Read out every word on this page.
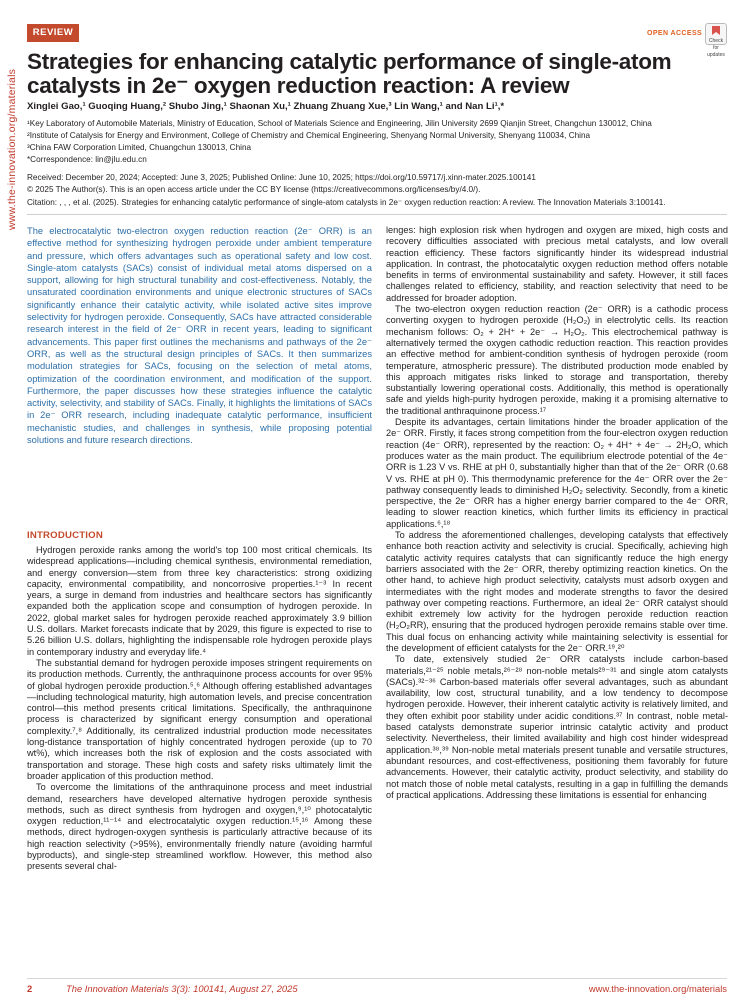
www.the-innovation.org/materials
REVIEW	OPEN ACCESS
Check for updates
Strategies for enhancing catalytic performance of single-atom catalysts in 2e⁻ oxygen reduction reaction: A review
Xinglei Gao,¹ Guoqing Huang,² Shubo Jing,¹ Shaonan Xu,¹ Zhuang Zhuang Xue,³ Lin Wang,¹ and Nan Li¹,*
¹Key Laboratory of Automobile Materials, Ministry of Education, School of Materials Science and Engineering, Jilin University 2699 Qianjin Street, Changchun 130012, China
²Institute of Catalysis for Energy and Environment, College of Chemistry and Chemical Engineering, Shenyang Normal University, Shenyang 110034, China
³China FAW Corporation Limited, Chuangchun 130013, China
*Correspondence: lin@jlu.edu.cn
Received: December 20, 2024; Accepted: June 3, 2025; Published Online: June 10, 2025; https://doi.org/10.59717/j.xinn-mater.2025.100141
© 2025 The Author(s). This is an open access article under the CC BY license (https://creativecommons.org/licenses/by/4.0/).
Citation: , , , et al. (2025). Strategies for enhancing catalytic performance of single-atom catalysts in 2e⁻ oxygen reduction reaction: A review. The Innovation Materials 3:100141.
The electrocatalytic two-electron oxygen reduction reaction (2e⁻ ORR) is an effective method for synthesizing hydrogen peroxide under ambient temperature and pressure, which offers advantages such as operational safety and low cost. Single-atom catalysts (SACs) consist of individual metal atoms dispersed on a support, allowing for high structural tunability and cost-effectiveness. Notably, the unsaturated coordination environments and unique electronic structures of SACs significantly enhance their catalytic activity, while isolated active sites improve selectivity for hydrogen peroxide. Consequently, SACs have attracted considerable research interest in the field of 2e⁻ ORR in recent years, leading to significant advancements. This paper first outlines the mechanisms and pathways of the 2e⁻ ORR, as well as the structural design principles of SACs. It then summarizes modulation strategies for SACs, focusing on the selection of metal atoms, optimization of the coordination environment, and modification of the support. Furthermore, the paper discusses how these strategies influence the catalytic activity, selectivity, and stability of SACs. Finally, it highlights the limitations of SACs in 2e⁻ ORR research, including inadequate catalytic performance, insufficient mechanistic studies, and challenges in synthesis, while proposing potential solutions and future research directions.
INTRODUCTION

Hydrogen peroxide ranks among the world's top 100 most critical chemicals. Its widespread applications—including chemical synthesis, environmental remediation, and energy conversion—stem from three key characteristics: strong oxidizing capacity, environmental compatibility, and noncorrosive properties.¹⁻³ In recent years, a surge in demand from industries and healthcare sectors has significantly expanded both the application scope and consumption of hydrogen peroxide. In 2022, global market sales for hydrogen peroxide reached approximately 3.9 billion U.S. dollars. Market forecasts indicate that by 2029, this figure is expected to rise to 5.26 billion U.S. dollars, highlighting the indispensable role hydrogen peroxide plays in contemporary industry and everyday life.⁴

The substantial demand for hydrogen peroxide imposes stringent requirements on its production methods. Currently, the anthraquinone process accounts for over 95% of global hydrogen peroxide production.⁵,⁶ Although offering established advantages—including technological maturity, high automation levels, and precise concentration control—this method presents critical limitations. Specifically, the anthraquinone process is characterized by significant energy consumption and operational complexity.⁷,⁸ Additionally, its centralized industrial production mode necessitates long-distance transportation of highly concentrated hydrogen peroxide (up to 70 wt%), which increases both the risk of explosion and the costs associated with transportation and storage. These high costs and safety risks ultimately limit the broader application of this production method.

To overcome the limitations of the anthraquinone process and meet industrial demand, researchers have developed alternative hydrogen peroxide synthesis methods, such as direct synthesis from hydrogen and oxygen,⁹,¹⁰ photocatalytic oxygen reduction,¹¹⁻¹⁴ and electrocatalytic oxygen reduction.¹⁵,¹⁶ Among these methods, direct hydrogen-oxygen synthesis is particularly attractive because of its high reaction selectivity (>95%), environmentally friendly nature (avoiding harmful byproducts), and single-step streamlined workflow. However, this method also presents several chal-

lenges: high explosion risk when hydrogen and oxygen are mixed, high costs and recovery difficulties associated with precious metal catalysts, and low overall reaction efficiency. These factors significantly hinder its widespread industrial application. In contrast, the photocatalytic oxygen reduction method offers notable benefits in terms of environmental sustainability and safety. However, it still faces challenges related to efficiency, stability, and reaction selectivity that need to be addressed for broader adoption.

The two-electron oxygen reduction reaction (2e⁻ ORR) is a cathodic process converting oxygen to hydrogen peroxide (H₂O₂) in electrolytic cells. Its reaction mechanism follows: O₂ + 2H⁺ + 2e⁻ → H₂O₂. This electrochemical pathway is alternatively termed the oxygen cathodic reduction reaction. This reaction provides an effective method for ambient-condition synthesis of hydrogen peroxide (room temperature, atmospheric pressure). The distributed production mode enabled by this approach mitigates risks linked to storage and transportation, thereby substantially lowering operational costs. Additionally, this method is operationally safe and yields high-purity hydrogen peroxide, making it a promising alternative to the traditional anthraquinone process.¹⁷

Despite its advantages, certain limitations hinder the broader application of the 2e⁻ ORR. Firstly, it faces strong competition from the four-electron oxygen reduction reaction (4e⁻ ORR), represented by the reaction: O₂ + 4H⁺ + 4e⁻ → 2H₂O, which produces water as the main product. The equilibrium electrode potential of the 4e⁻ ORR is 1.23 V vs. RHE at pH 0, substantially higher than that of the 2e⁻ ORR (0.68 V vs. RHE at pH 0). This thermodynamic preference for the 4e⁻ ORR over the 2e⁻ pathway consequently leads to diminished H₂O₂ selectivity. Secondly, from a kinetic perspective, the 2e⁻ ORR has a higher energy barrier compared to the 4e⁻ ORR, leading to slower reaction kinetics, which further limits its efficiency in practical applications.⁶,¹⁸

To address the aforementioned challenges, developing catalysts that effectively enhance both reaction activity and selectivity is crucial. Specifically, achieving high catalytic activity requires catalysts that can significantly reduce the high energy barriers associated with the 2e⁻ ORR, thereby optimizing reaction kinetics. On the other hand, to achieve high product selectivity, catalysts must adsorb oxygen and intermediates with the right modes and moderate strengths to favor the desired pathway over competing reactions. Furthermore, an ideal 2e⁻ ORR catalyst should exhibit extremely low activity for the hydrogen peroxide reduction reaction (H₂O₂RR), ensuring that the produced hydrogen peroxide remains stable over time. This dual focus on enhancing activity while maintaining selectivity is essential for the development of efficient catalysts for the 2e⁻ ORR.¹⁹,²⁰

To date, extensively studied 2e⁻ ORR catalysts include carbon-based materials,²¹⁻²⁵ noble metals,²⁶⁻²⁸ non-noble metals²⁹⁻³¹ and single atom catalysts (SACs).³²⁻³⁶ Carbon-based materials offer several advantages, such as abundant availability, low cost, structural tunability, and a low tendency to decompose hydrogen peroxide. However, their inherent catalytic activity is relatively limited, and they often exhibit poor stability under acidic conditions.³⁷ In contrast, noble metal-based catalysts demonstrate superior intrinsic catalytic activity and product selectivity. Nevertheless, their limited availability and high cost hinder widespread application.³⁸,³⁹ Non-noble metal materials present tunable and versatile structures, abundant resources, and cost-effectiveness, positioning them favorably for future advancements. However, their catalytic activity, product selectivity, and stability do not match those of noble metal catalysts, resulting in a gap in fulfilling the demands of practical applications. Addressing these limitations is essential for enhancing

2	The Innovation Materials 3(3): 100141, August 27, 2025	www.the-innovation.org/materials
